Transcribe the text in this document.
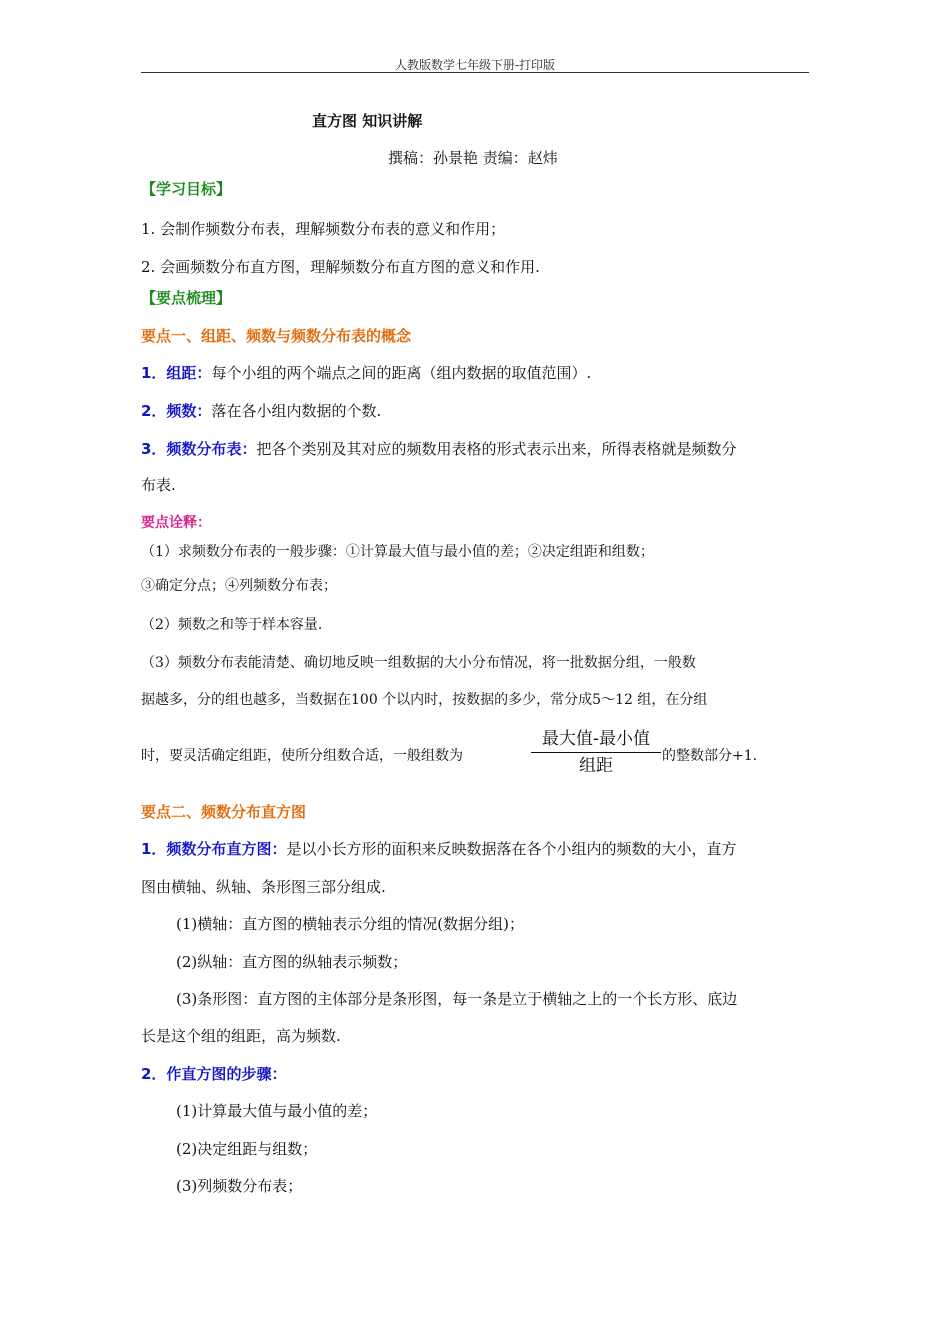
人教版数学七年级下册-打印版
直方图 知识讲解
撰稿：孙景艳 责编：赵炜
【学习目标】
1. 会制作频数分布表，理解频数分布表的意义和作用；
2. 会画频数分布直方图，理解频数分布直方图的意义和作用.
【要点梳理】
要点一、组距、频数与频数分布表的概念
1．组距：每个小组的两个端点之间的距离（组内数据的取值范围）.
2．频数：落在各小组内数据的个数.
3．频数分布表：把各个类别及其对应的频数用表格的形式表示出来，所得表格就是频数分
布表.
要点诠释：
（1）求频数分布表的一般步骤：①计算最大值与最小值的差；②决定组距和组数；
③确定分点；④列频数分布表；
（2）频数之和等于样本容量.
（3）频数分布表能清楚、确切地反映一组数据的大小分布情况，将一批数据分组，一般数
据越多，分的组也越多，当数据在100 个以内时，按数据的多少，常分成5～12 组，在分组
时，要灵活确定组距，使所分组数合适，一般组数为
最大值-最小值
组距	的整数部分+1.
要点二、频数分布直方图
1．频数分布直方图：是以小长方形的面积来反映数据落在各个小组内的频数的大小，直方
图由横轴、纵轴、条形图三部分组成.
(1)横轴：直方图的横轴表示分组的情况(数据分组)；
(2)纵轴：直方图的纵轴表示频数；
(3)条形图：直方图的主体部分是条形图，每一条是立于横轴之上的一个长方形、底边
长是这个组的组距，高为频数.
2．作直方图的步骤：
(1)计算最大值与最小值的差；
(2)决定组距与组数；
(3)列频数分布表；
